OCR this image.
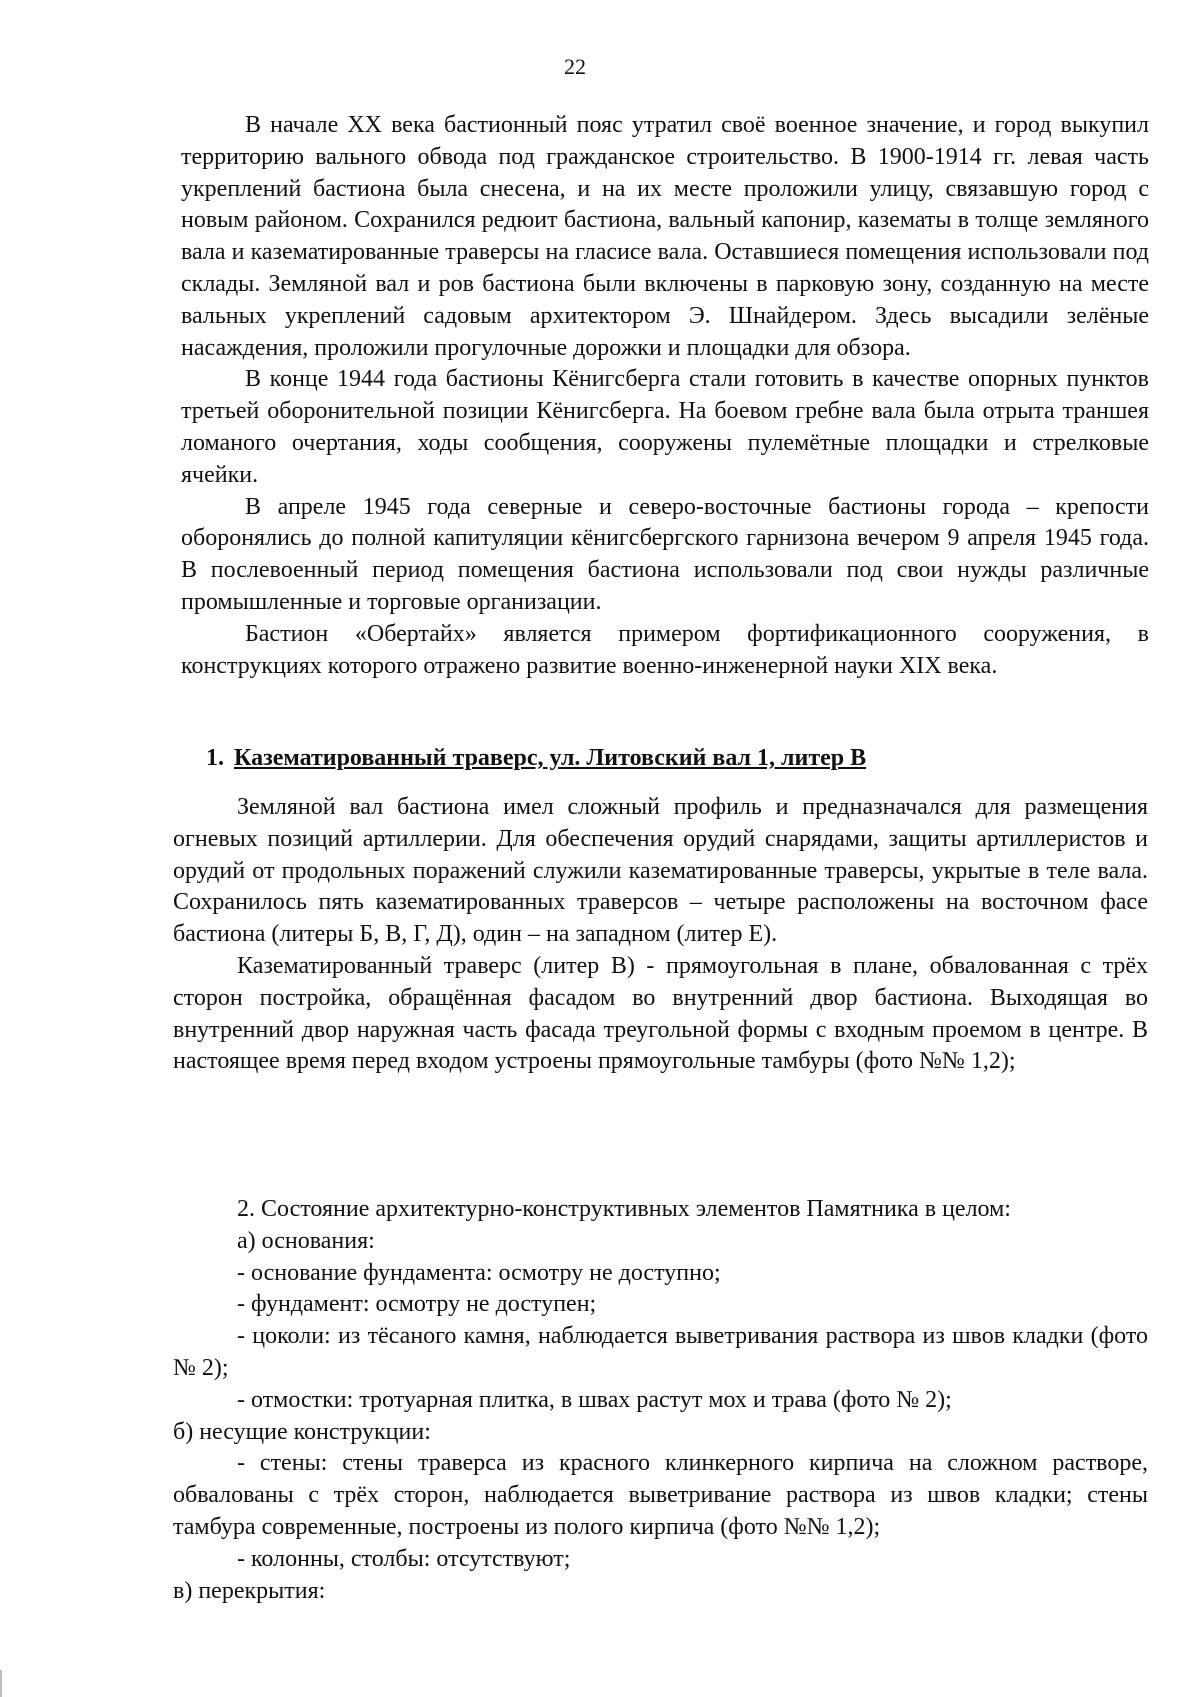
22

В начале XX века бастионный пояс утратил своё военное значение, и город выкупил территорию вального обвода под гражданское строительство. В 1900-1914 гг. левая часть укреплений бастиона была снесена, и на их месте проложили улицу, связавшую город с новым районом. Сохранился редюит бастиона, вальный капонир, казематы в толще земляного вала и казематированные траверсы на гласисе вала. Оставшиеся помещения использовали под склады. Земляной вал и ров бастиона были включены в парковую зону, созданную на месте вальных укреплений садовым архитектором Э. Шнайдером. Здесь высадили зелёные насаждения, проложили прогулочные дорожки и площадки для обзора.

В конце 1944 года бастионы Кёнигсберга стали готовить в качестве опорных пунктов третьей оборонительной позиции Кёнигсберга. На боевом гребне вала была отрыта траншея ломаного очертания, ходы сообщения, сооружены пулемётные площадки и стрелковые ячейки.

В апреле 1945 года северные и северо-восточные бастионы города – крепости оборонялись до полной капитуляции кёнигсбергского гарнизона вечером 9 апреля 1945 года. В послевоенный период помещения бастиона использовали под свои нужды различные промышленные и торговые организации.

Бастион «Обертайх» является примером фортификационного сооружения, в конструкциях которого отражено развитие военно-инженерной науки XIX века.

1. Казематированный траверс, ул. Литовский вал 1, литер В

Земляной вал бастиона имел сложный профиль и предназначался для размещения огневых позиций артиллерии. Для обеспечения орудий снарядами, защиты артиллеристов и орудий от продольных поражений служили казематированные траверсы, укрытые в теле вала. Сохранилось пять казематированных траверсов – четыре расположены на восточном фасе бастиона (литеры Б, В, Г, Д), один – на западном (литер Е).

Казематированный траверс (литер В) - прямоугольная в плане, обвалованная с трёх сторон постройка, обращённая фасадом во внутренний двор бастиона. Выходящая во внутренний двор наружная часть фасада треугольной формы с входным проемом в центре. В настоящее время перед входом устроены прямоугольные тамбуры (фото №№ 1,2);

2. Состояние архитектурно-конструктивных элементов Памятника в целом:

а) основания:

- основание фундамента: осмотру не доступно;

- фундамент: осмотру не доступен;

- цоколи: из тёсаного камня, наблюдается выветривания раствора из швов кладки (фото № 2);

- отмостки: тротуарная плитка, в швах растут мох и трава (фото № 2);

б) несущие конструкции:

- стены: стены траверса из красного клинкерного кирпича на сложном растворе, обвалованы с трёх сторон, наблюдается выветривание раствора из швов кладки; стены тамбура современные, построены из полого кирпича (фото №№ 1,2);

- колонны, столбы: отсутствуют;

в) перекрытия:
